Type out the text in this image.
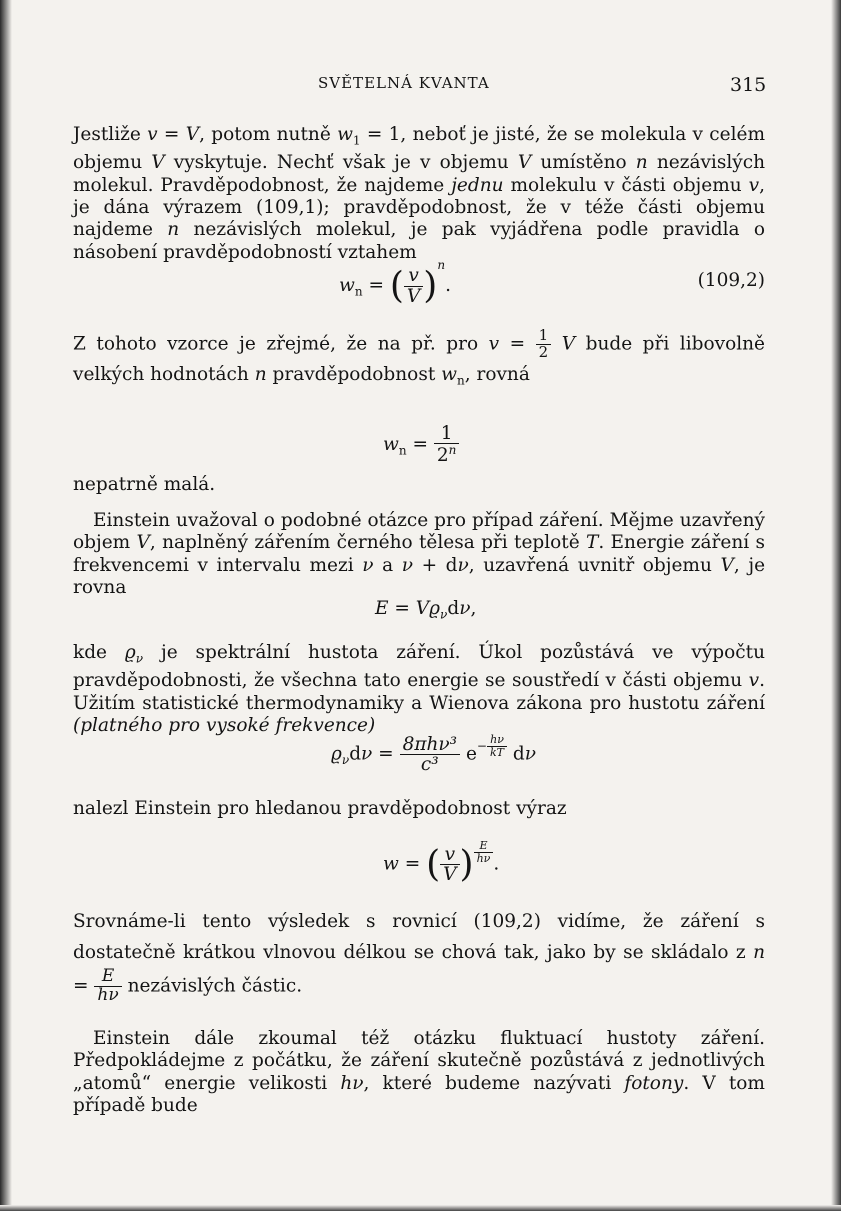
SVĚTELNÁ KVANTA	315

Jestliže v = V, potom nutně $w_1 = 1$, neboť je jisté, že se molekula v celém objemu V vyskytuje. Nechť však je v objemu V umístěno n nezávislých molekul. Pravděpodobnost, že najdeme jednu molekulu v části objemu v, je dána výrazem (109,1); pravděpodobnost, že v téže části objemu najdeme n nezávislých molekul, je pak vyjádřena podle pravidla o násobení pravděpodobností vztahem

$w_n$ = ( $\frac{v}{V} )^n$.	(109,2)

Z tohoto vzorce je zřejmé, že na př. pro $v = \frac{1}{2}$ V bude při libovolně velkých hodnotách n pravděpodobnost $w_n$, rovná

$w_n = \frac{1}{2^n}$

nepatrně malá.

Einstein uvažoval o podobné otázce pro případ záření. Mějme uzavřený objem V, naplněný zářením černého tělesa při teplotě T. Energie záření s frekvencemi v intervalu mezi ν a ν + dν, uzavřená uvnitř objemu V, je rovna

$E = Vϱ_\nu d\nu$,

kde $ϱ_\nu$ je spektrální hustota záření. Úkol pozůstává ve výpočtu pravděpodobnosti, že všechna tato energie se soustředí v části objemu v. Užitím statistické thermodynamiky a Wienova zákona pro hustotu záření (platného pro vysoké frekvence)

$ϱ_\nu d\nu = \frac{\text{8πhν³}}{\text{c³}} e^{- \frac{h\nu}{kT}}$ dν

nalezl Einstein pro hledanou pravděpodobnost výraz

w = ( $\frac{v}{V}$ ) $^{\frac{E}{h\nu}}$ .

Srovnáme-li tento výsledek s rovnicí (109,2) vidíme, že záření s dostatečně krátkou vlnovou délkou se chová tak, jako by se skládalo z $n = \frac{E}{h\nu}$ nezávislých částic.

Einstein dále zkoumal též otázku fluktuací hustoty záření. Předpokládejme z počátku, že záření skutečně pozůstává z jednotlivých „atomů“ energie velikosti hν, které budeme nazývati fotony. V tom případě bude
